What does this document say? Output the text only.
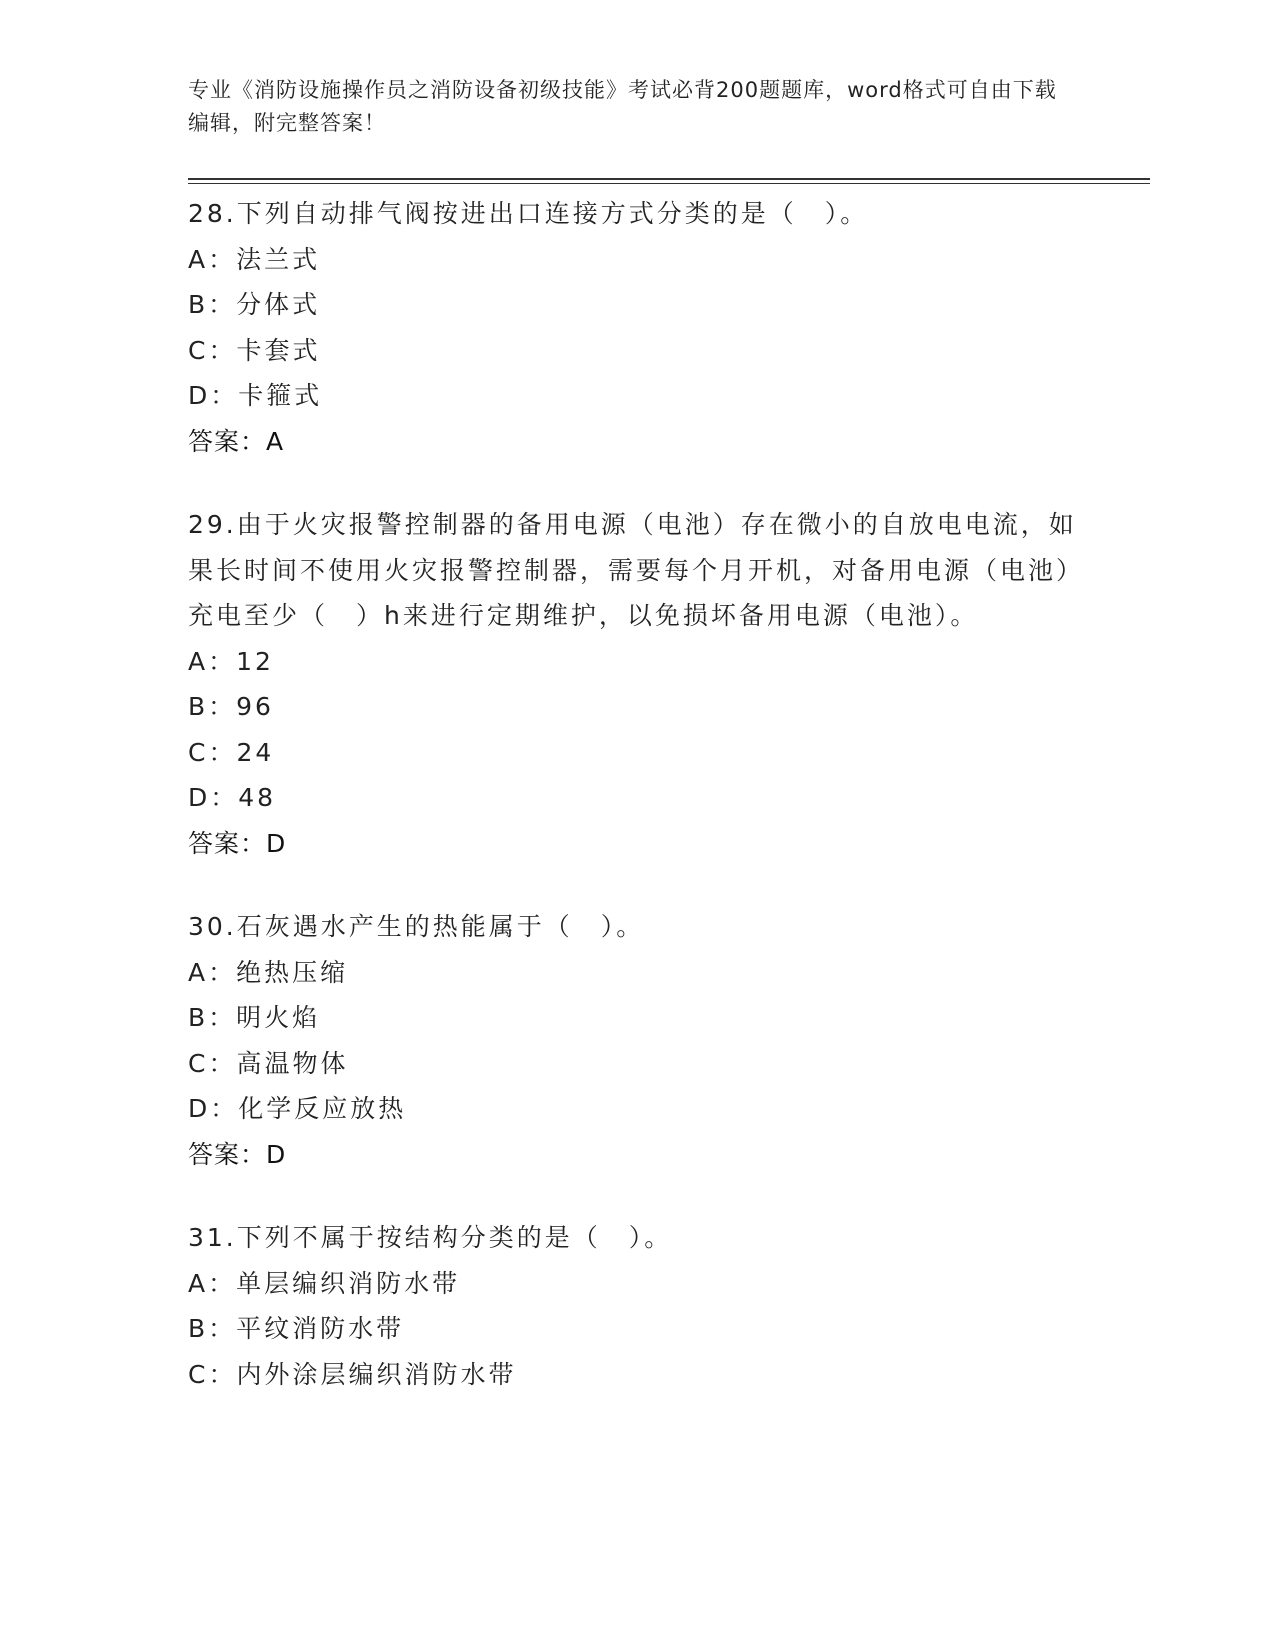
专业《消防设施操作员之消防设备初级技能》考试必背200题题库，word格式可自由下载编辑，附完整答案！
28.下列自动排气阀按进出口连接方式分类的是（　）。
A：法兰式
B：分体式
C：卡套式
D：卡箍式
答案：A
29.由于火灾报警控制器的备用电源（电池）存在微小的自放电电流，如果长时间不使用火灾报警控制器，需要每个月开机，对备用电源（电池）充电至少（　）h来进行定期维护，以免损坏备用电源（电池）。
A：12
B：96
C：24
D：48
答案：D
30.石灰遇水产生的热能属于（　）。
A：绝热压缩
B：明火焰
C：高温物体
D：化学反应放热
答案：D
31.下列不属于按结构分类的是（　）。
A：单层编织消防水带
B：平纹消防水带
C：内外涂层编织消防水带
